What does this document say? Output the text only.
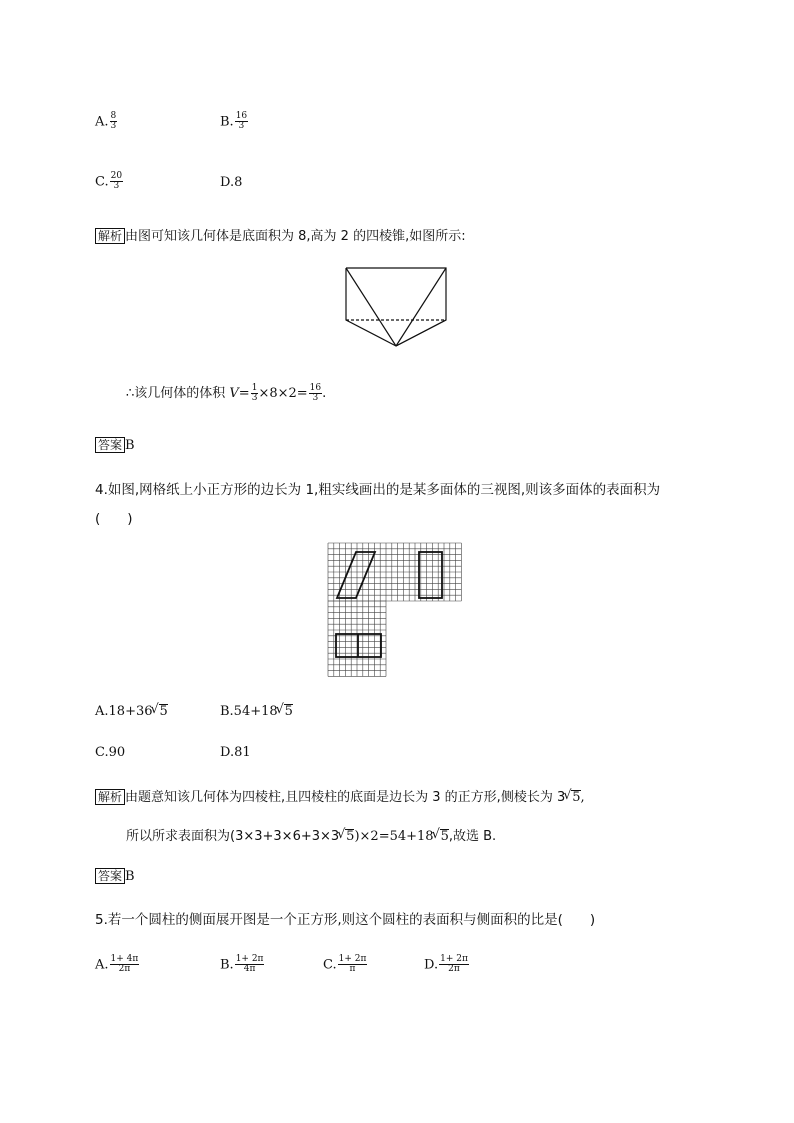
A. $\frac{8}{3}$	B. $\frac{16}{3}$
C. $\frac{20}{3}$	D.8
解析 由图可知该几何体是底面积为 8,高为 2 的四棱锥,如图所示:
∴该几何体的体积 $V= \frac{1}{3} \times 8\times 2= \frac{16}{3}$ .
答案 B
4.如图,网格纸上小正方形的边长为 1,粗实线画出的是某多面体的三视图,则该多面体的表面积为
(　　)
A.18+36 √ 5	B.54+18 √ 5
C.90	D.81
解析 由题意知该几何体为四棱柱,且四棱柱的底面是边长为 3 的正方形,侧棱长为 3 √ 5,
所以所求表面积为(3×3+3×6+3×3 √ 5)×2=54+18 √ 5,故选 B.
答案 B
5.若一个圆柱的侧面展开图是一个正方形,则这个圆柱的表面积与侧面积的比是(　　)
A. $\frac{1+ 4\pi}{2\pi}$	B. $\frac{1+ 2\pi}{4\pi}$	C. $\frac{1+ 2\pi}{\pi}$	D. $\frac{1+ 2\pi}{2\pi}$
